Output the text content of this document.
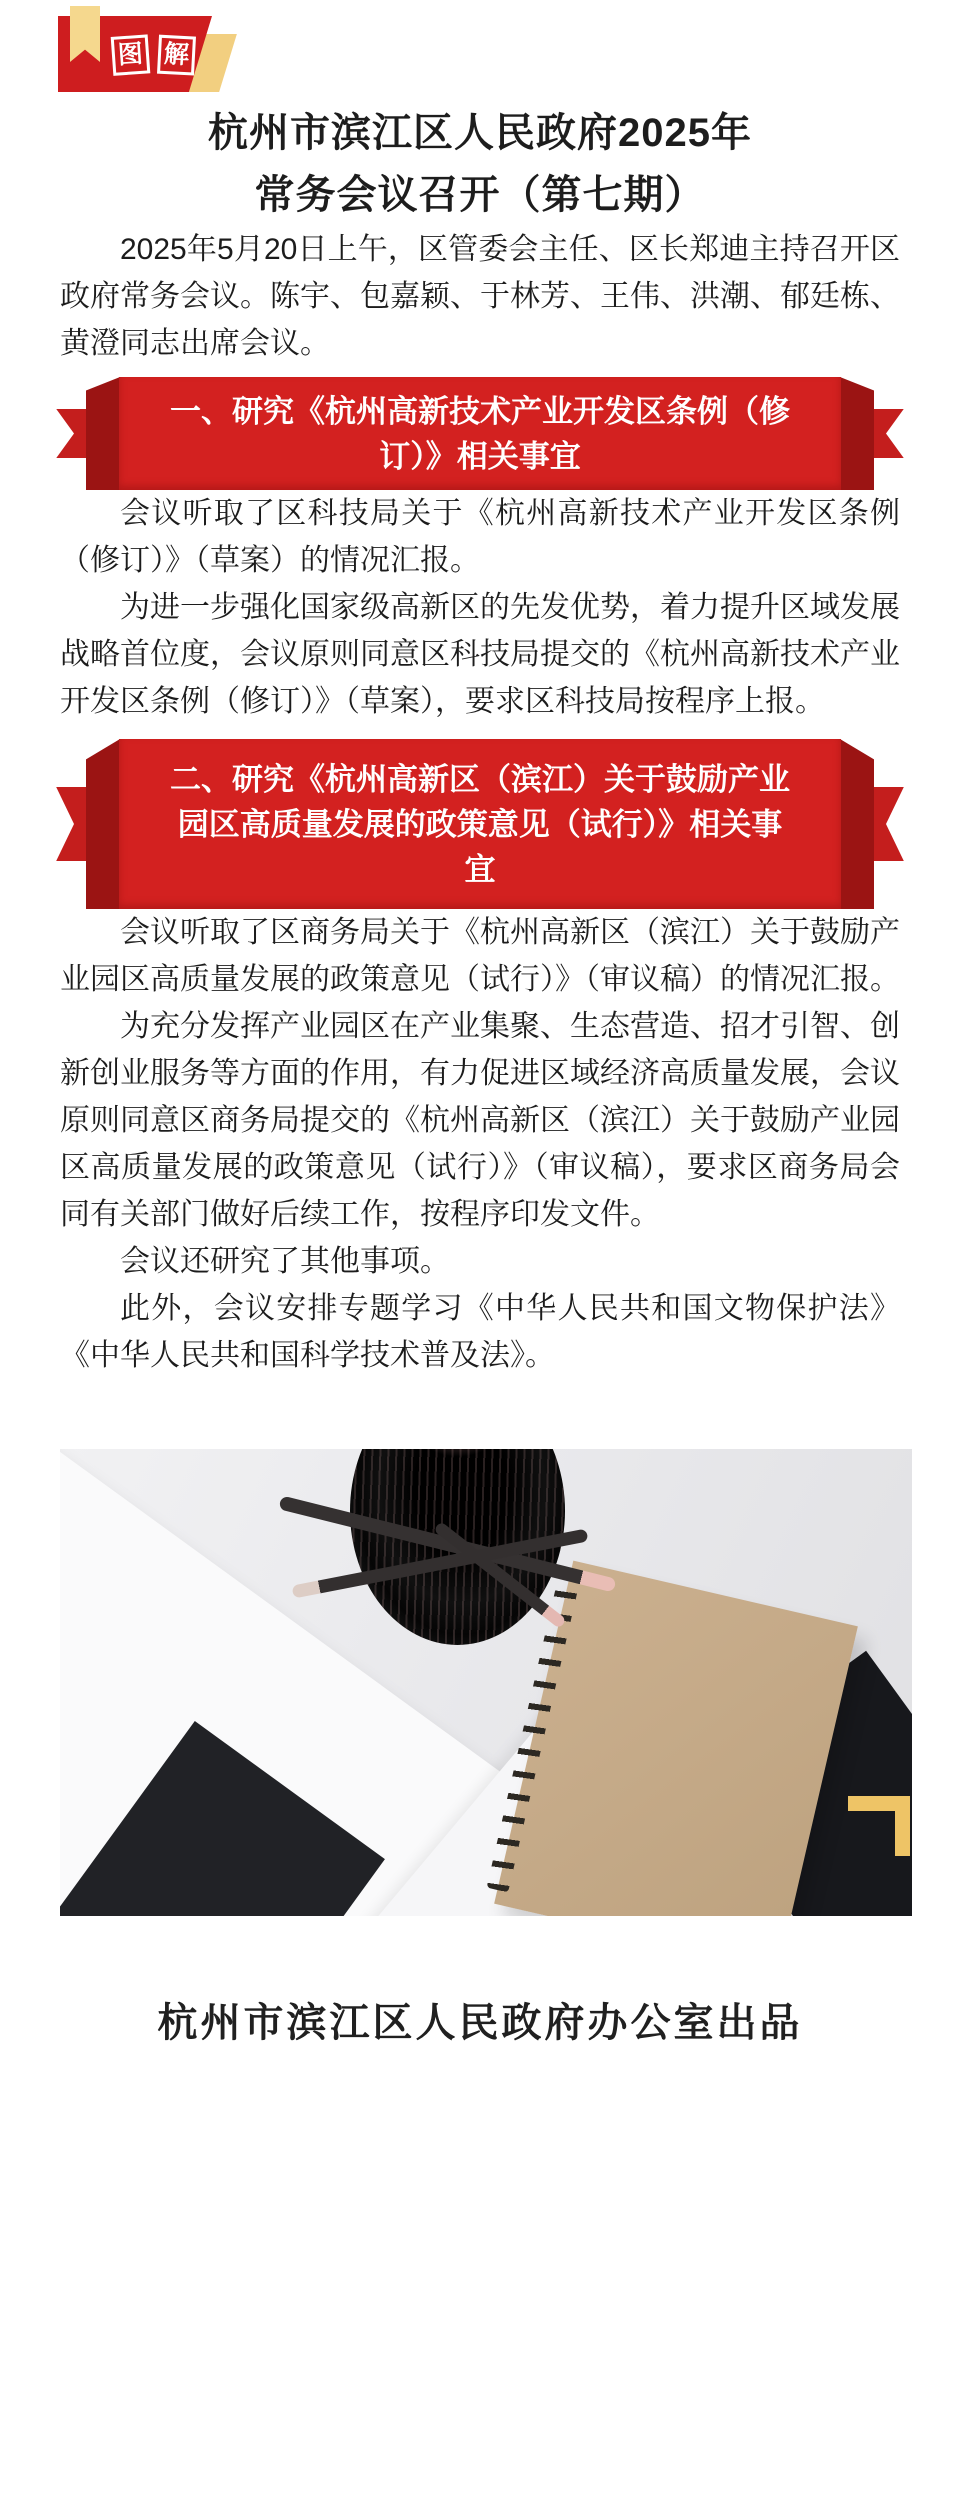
图 解
杭州市滨江区人民政府2025年
常务会议召开（第七期）

2025年5月20日上午，区管委会主任、区长郑迪主持召开区政府常务会议。陈宇、包嘉颖、于林芳、王伟、洪潮、郁廷栋、黄澄同志出席会议。

一、研究《杭州高新技术产业开发区条例（修订）》相关事宜

会议听取了区科技局关于《杭州高新技术产业开发区条例（修订）》（草案）的情况汇报。

为进一步强化国家级高新区的先发优势，着力提升区域发展战略首位度，会议原则同意区科技局提交的《杭州高新技术产业开发区条例（修订）》（草案），要求区科技局按程序上报。

二、研究《杭州高新区（滨江）关于鼓励产业园区高质量发展的政策意见（试行）》相关事宜

会议听取了区商务局关于《杭州高新区（滨江）关于鼓励产业园区高质量发展的政策意见（试行）》（审议稿）的情况汇报。

为充分发挥产业园区在产业集聚、生态营造、招才引智、创新创业服务等方面的作用，有力促进区域经济高质量发展，会议原则同意区商务局提交的《杭州高新区（滨江）关于鼓励产业园区高质量发展的政策意见（试行）》（审议稿），要求区商务局会同有关部门做好后续工作，按程序印发文件。

会议还研究了其他事项。

此外，会议安排专题学习《中华人民共和国文物保护法》《中华人民共和国科学技术普及法》。

杭州市滨江区人民政府办公室出品
